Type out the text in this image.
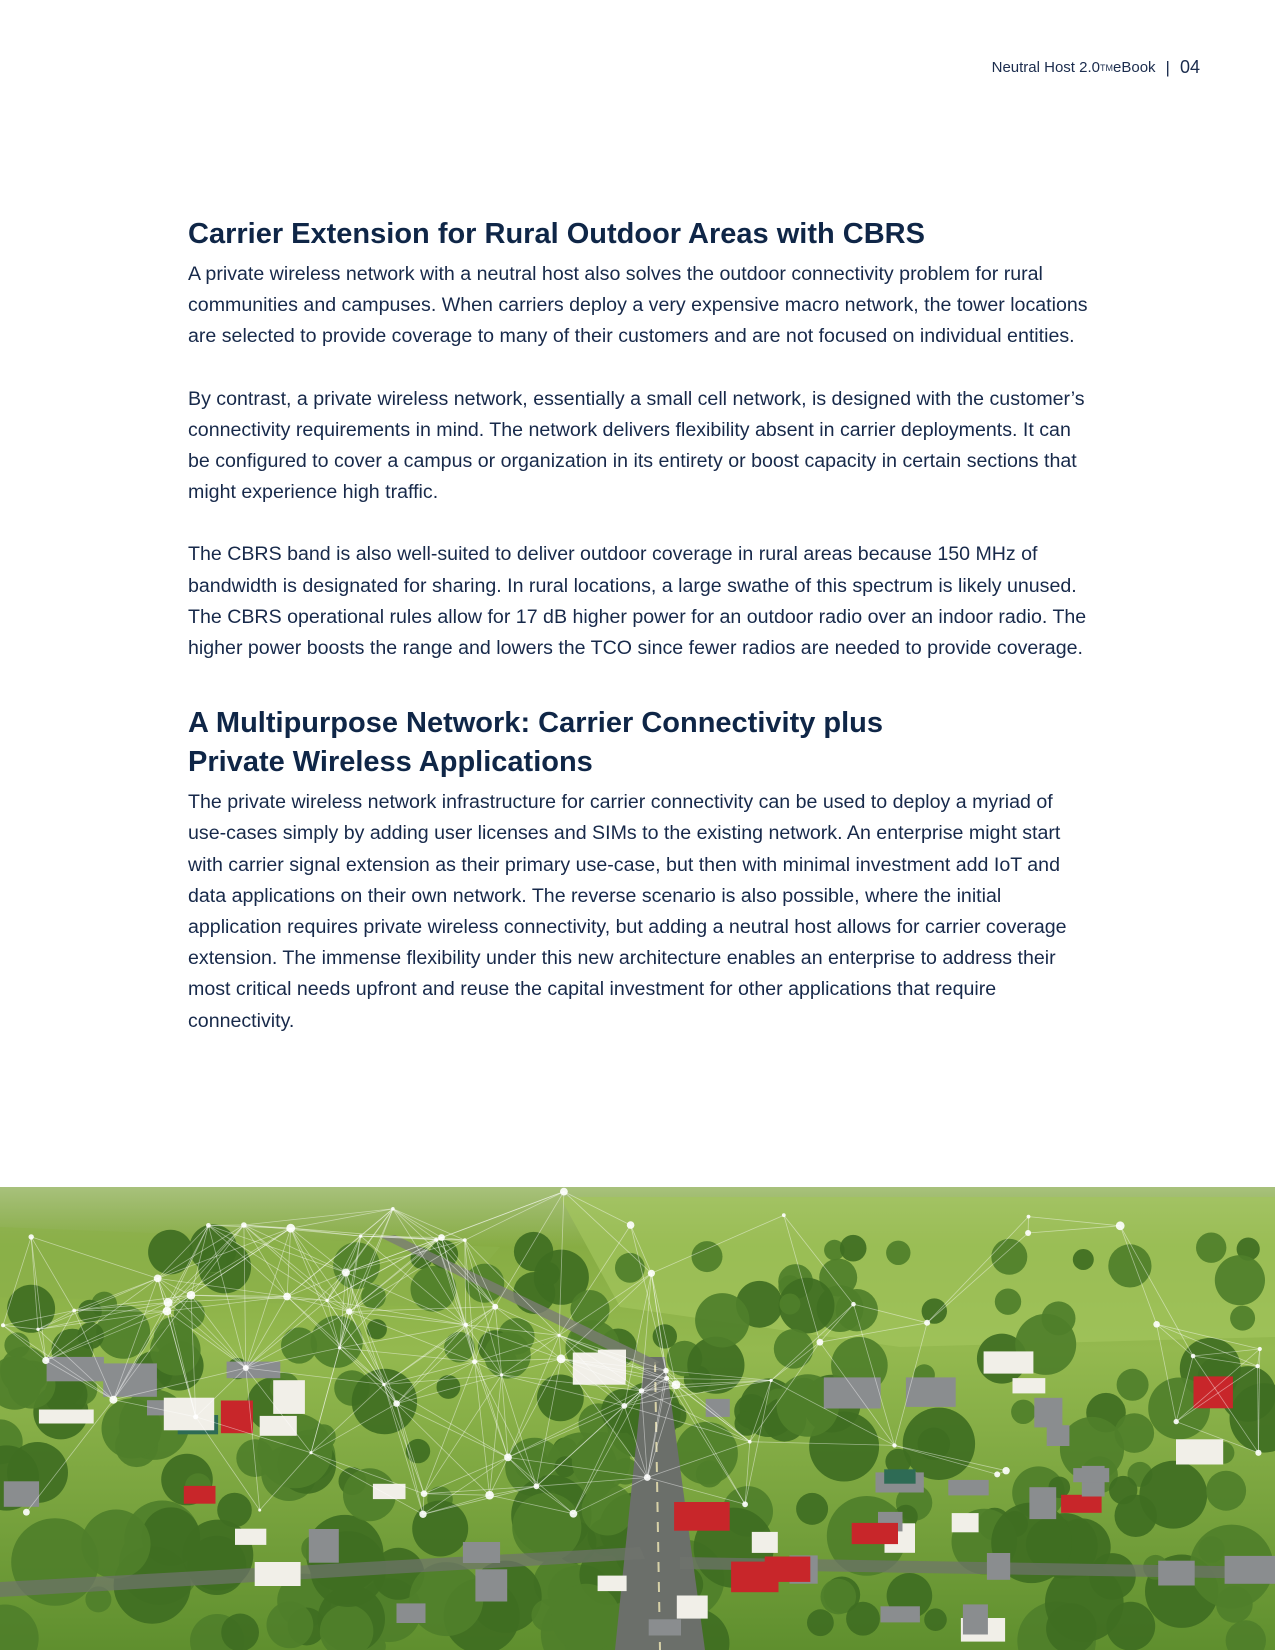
Neutral Host 2.0 TM eBook | 04
Carrier Extension for Rural Outdoor Areas with CBRS

A private wireless network with a neutral host also solves the outdoor connectivity problem for rural communities and campuses. When carriers deploy a very expensive macro network, the tower locations are selected to provide coverage to many of their customers and are not focused on individual entities.

By contrast, a private wireless network, essentially a small cell network, is designed with the customer’s connectivity requirements in mind. The network delivers flexibility absent in carrier deployments. It can be configured to cover a campus or organization in its entirety or boost capacity in certain sections that might experience high traffic.

The CBRS band is also well-suited to deliver outdoor coverage in rural areas because 150 MHz of bandwidth is designated for sharing. In rural locations, a large swathe of this spectrum is likely unused. The CBRS operational rules allow for 17 dB higher power for an outdoor radio over an indoor radio. The higher power boosts the range and lowers the TCO since fewer radios are needed to provide coverage.

A Multipurpose Network: Carrier Connectivity plus
Private Wireless Applications

The private wireless network infrastructure for carrier connectivity can be used to deploy a myriad of use-cases simply by adding user licenses and SIMs to the existing network. An enterprise might start with carrier signal extension as their primary use-case, but then with minimal investment add IoT and data applications on their own network. The reverse scenario is also possible, where the initial application requires private wireless connectivity, but adding a neutral host allows for carrier coverage extension. The immense flexibility under this new architecture enables an enterprise to address their most critical needs upfront and reuse the capital investment for other applications that require connectivity.
